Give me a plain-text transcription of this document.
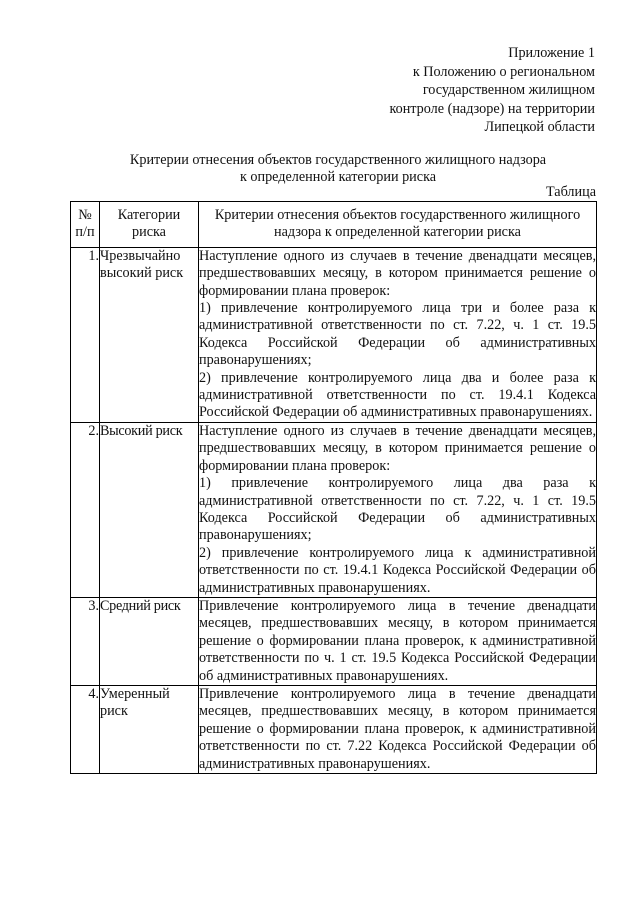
Приложение 1
к Положению о региональном
государственном жилищном
контроле (надзоре) на территории
Липецкой области
Критерии отнесения объектов государственного жилищного надзора
к определенной категории риска
Таблица
№ п/п	Категории риска	Критерии отнесения объектов государственного жилищного надзора к определенной категории риска
1.	Чрезвычайно высокий риск	Наступление одного из случаев в течение двенадцати месяцев, предшествовавших месяцу, в котором принимается решение о формировании плана проверок:

1) привлечение контролируемого лица три и более раза к административной ответственности по ст. 7.22, ч. 1 ст. 19.5 Кодекса Российской Федерации об административных правонарушениях;

2) привлечение контролируемого лица два и более раза к административной ответственности по ст. 19.4.1 Кодекса Российской Федерации об административных правонарушениях.

2.	Высокий риск	Наступление одного из случаев в течение двенадцати месяцев, предшествовавших месяцу, в котором принимается решение о формировании плана проверок:

1) привлечение контролируемого лица два раза к административной ответственности по ст. 7.22, ч. 1 ст. 19.5 Кодекса Российской Федерации об административных правонарушениях;

2) привлечение контролируемого лица к административной ответственности по ст. 19.4.1 Кодекса Российской Федерации об административных правонарушениях.

3.	Средний риск	Привлечение контролируемого лица в течение двенадцати месяцев, предшествовавших месяцу, в котором принимается решение о формировании плана проверок, к административной ответственности по ч. 1 ст. 19.5 Кодекса Российской Федерации об административных правонарушениях.

4.	Умеренный риск	Привлечение контролируемого лица в течение двенадцати месяцев, предшествовавших месяцу, в котором принимается решение о формировании плана проверок, к административной ответственности по ст. 7.22 Кодекса Российской Федерации об административных правонарушениях.
